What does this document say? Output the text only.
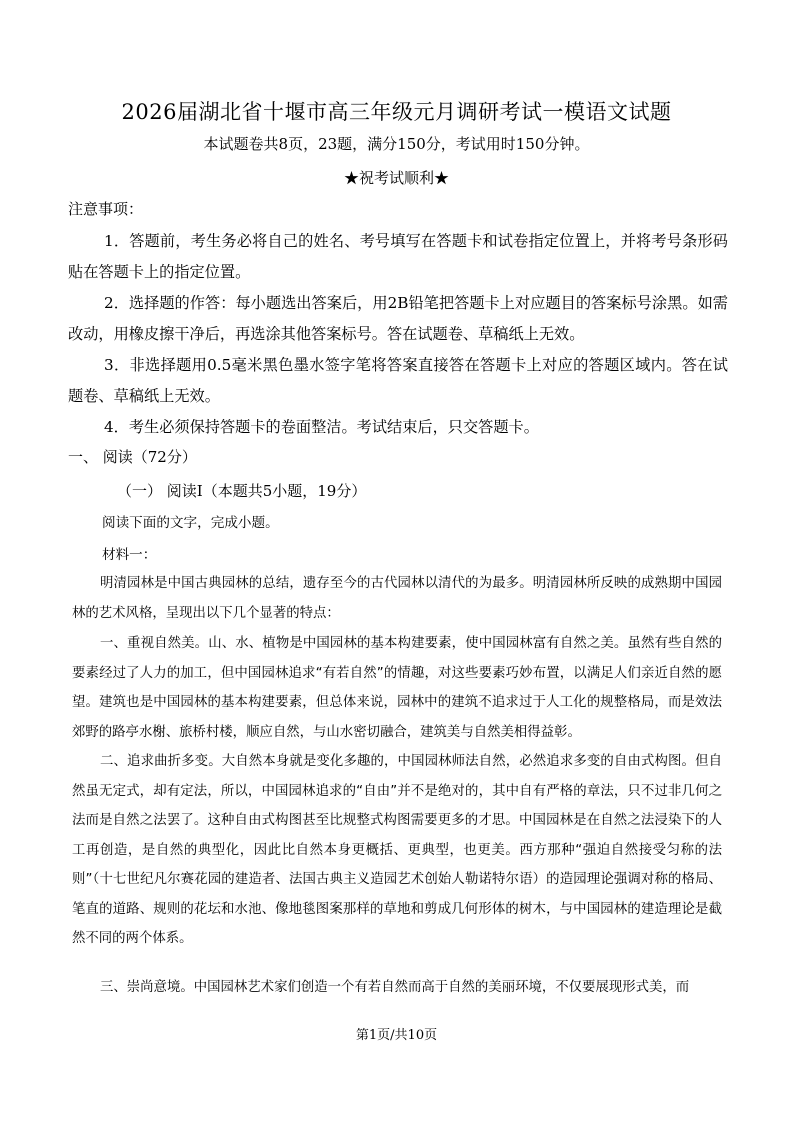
2026届湖北省十堰市高三年级元月调研考试一模语文试题
本试题卷共8页，23题，满分150分，考试用时150分钟。
★祝考试顺利★
注意事项：
1．答题前，考生务必将自己的姓名、考号填写在答题卡和试卷指定位置上，并将考号条形码贴在答题卡上的指定位置。
2．选择题的作答：每小题选出答案后，用2B铅笔把答题卡上对应题目的答案标号涂黑。如需改动，用橡皮擦干净后，再选涂其他答案标号。答在试题卷、草稿纸上无效。
3．非选择题用0.5毫米黑色墨水签字笔将答案直接答在答题卡上对应的答题区域内。答在试题卷、草稿纸上无效。
4．考生必须保持答题卡的卷面整洁。考试结束后，只交答题卡。
一、 阅读（72分）
（一） 阅读Ⅰ（本题共5小题，19分）
阅读下面的文字，完成小题。
材料一：
明清园林是中国古典园林的总结，遗存至今的古代园林以清代的为最多。明清园林所反映的成熟期中国园林的艺术风格，呈现出以下几个显著的特点：
一、重视自然美。山、水、植物是中国园林的基本构建要素，使中国园林富有自然之美。虽然有些自然的要素经过了人力的加工，但中国园林追求“有若自然”的情趣，对这些要素巧妙布置，以满足人们亲近自然的愿望。建筑也是中国园林的基本构建要素，但总体来说，园林中的建筑不追求过于人工化的规整格局，而是效法郊野的路亭水榭、旅桥村楼，顺应自然，与山水密切融合，建筑美与自然美相得益彰。
二、追求曲折多变。大自然本身就是变化多趣的，中国园林师法自然，必然追求多变的自由式构图。但自然虽无定式，却有定法，所以，中国园林追求的“自由”并不是绝对的，其中自有严格的章法，只不过非几何之法而是自然之法罢了。这种自由式构图甚至比规整式构图需要更多的才思。中国园林是在自然之法浸染下的人工再创造，是自然的典型化，因此比自然本身更概括、更典型，也更美。西方那种“强迫自然接受匀称的法则”（十七世纪凡尔赛花园的建造者、法国古典主义造园艺术创始人勒诺特尔语）的造园理论强调对称的格局、笔直的道路、规则的花坛和水池、像地毯图案那样的草地和剪成几何形体的树木，与中国园林的建造理论是截然不同的两个体系。
三、崇尚意境。中国园林艺术家们创造一个有若自然而高于自然的美丽环境，不仅要展现形式美，而
第1页/共10页
